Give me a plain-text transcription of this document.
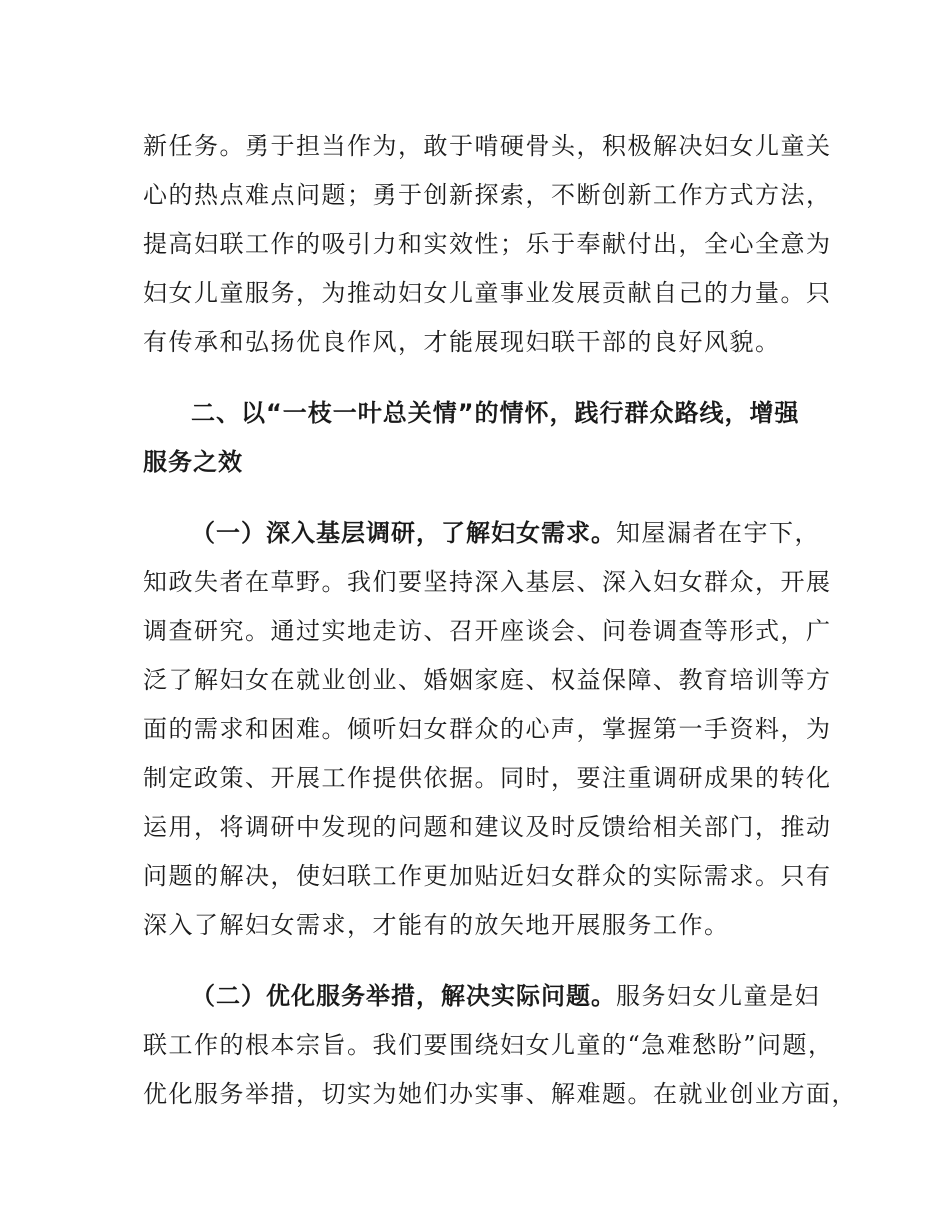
新任务。勇于担当作为，敢于啃硬骨头，积极解决妇女儿童关
心的热点难点问题；勇于创新探索，不断创新工作方式方法，
提高妇联工作的吸引力和实效性；乐于奉献付出，全心全意为
妇女儿童服务，为推动妇女儿童事业发展贡献自己的力量。只
有传承和弘扬优良作风，才能展现妇联干部的良好风貌。
二、以“一枝一叶总关情”的情怀，践行群众路线，增强
服务之效
（一）深入基层调研，了解妇女需求。知屋漏者在宇下，
知政失者在草野。我们要坚持深入基层、深入妇女群众，开展
调查研究。通过实地走访、召开座谈会、问卷调查等形式，广
泛了解妇女在就业创业、婚姻家庭、权益保障、教育培训等方
面的需求和困难。倾听妇女群众的心声，掌握第一手资料，为
制定政策、开展工作提供依据。同时，要注重调研成果的转化
运用，将调研中发现的问题和建议及时反馈给相关部门，推动
问题的解决，使妇联工作更加贴近妇女群众的实际需求。只有
深入了解妇女需求，才能有的放矢地开展服务工作。
（二）优化服务举措，解决实际问题。服务妇女儿童是妇
联工作的根本宗旨。我们要围绕妇女儿童的“急难愁盼”问题，
优化服务举措，切实为她们办实事、解难题。在就业创业方面，
